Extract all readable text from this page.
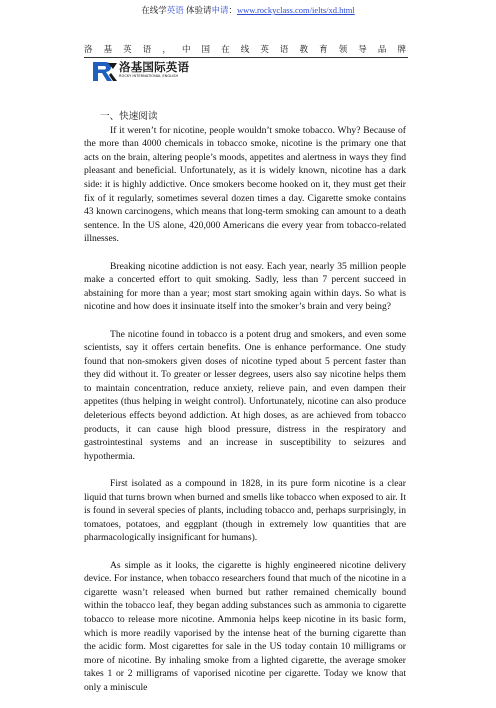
在线学英语 体验请申请：www.rockyclass.com/ielts/xd.html
洛 基 英 语 ， 中 国 在 线 英 语 教 育 领 导 品 牌
洛基国际英语
ROCKY INTERNATIONAL ENGLISH
一、快速阅读

If it weren’t for nicotine, people wouldn’t smoke tobacco. Why? Because of the more than 4000 chemicals in tobacco smoke, nicotine is the primary one that acts on the brain, altering people’s moods, appetites and alertness in ways they find pleasant and beneficial. Unfortunately, as it is widely known, nicotine has a dark side: it is highly addictive. Once smokers become hooked on it, they must get their fix of it regularly, sometimes several dozen times a day. Cigarette smoke contains 43 known carcinogens, which means that long-term smoking can amount to a death sentence. In the US alone, 420,000 Americans die every year from tobacco-related illnesses.

Breaking nicotine addiction is not easy. Each year, nearly 35 million people make a concerted effort to quit smoking. Sadly, less than 7 percent succeed in abstaining for more than a year; most start smoking again within days. So what is nicotine and how does it insinuate itself into the smoker’s brain and very being?

The nicotine found in tobacco is a potent drug and smokers, and even some scientists, say it offers certain benefits. One is enhance performance. One study found that non-smokers given doses of nicotine typed about 5 percent faster than they did without it. To greater or lesser degrees, users also say nicotine helps them to maintain concentration, reduce anxiety, relieve pain, and even dampen their appetites (thus helping in weight control). Unfortunately, nicotine can also produce deleterious effects beyond addiction. At high doses, as are achieved from tobacco products, it can cause high blood pressure, distress in the respiratory and gastrointestinal systems and an increase in susceptibility to seizures and hypothermia.

First isolated as a compound in 1828, in its pure form nicotine is a clear liquid that turns brown when burned and smells like tobacco when exposed to air. It is found in several species of plants, including tobacco and, perhaps surprisingly, in tomatoes, potatoes, and eggplant (though in extremely low quantities that are pharmacologically insignificant for humans).

As simple as it looks, the cigarette is highly engineered nicotine delivery device. For instance, when tobacco researchers found that much of the nicotine in a cigarette wasn’t released when burned but rather remained chemically bound within the tobacco leaf, they began adding substances such as ammonia to cigarette tobacco to release more nicotine. Ammonia helps keep nicotine in its basic form, which is more readily vaporised by the intense heat of the burning cigarette than the acidic form. Most cigarettes for sale in the US today contain 10 milligrams or more of nicotine. By inhaling smoke from a lighted cigarette, the average smoker takes 1 or 2 milligrams of vaporised nicotine per cigarette. Today we know that only a miniscule
